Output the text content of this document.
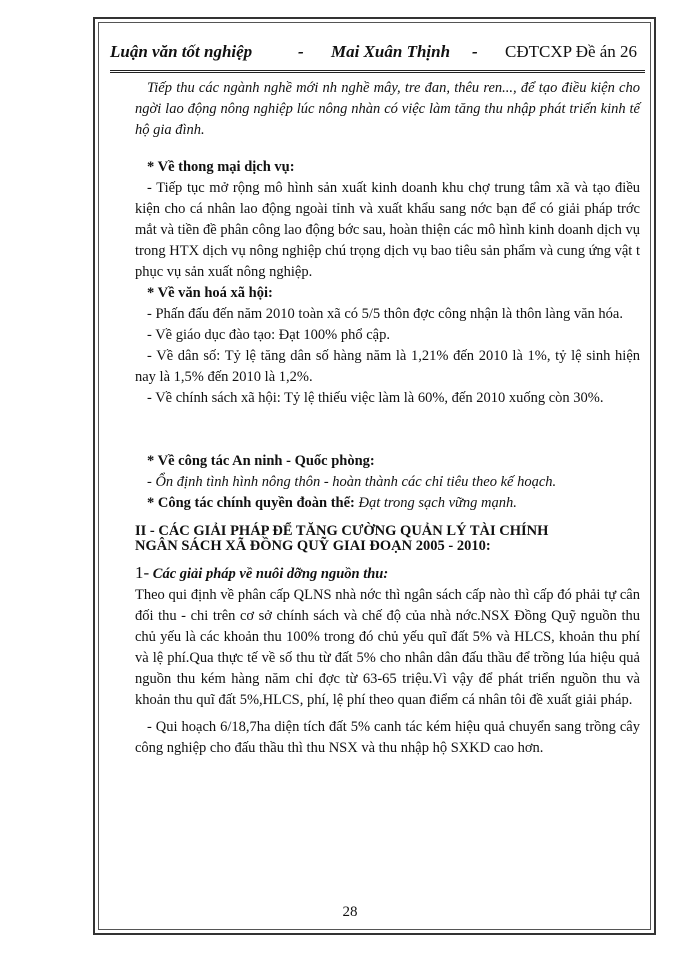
Luận văn tốt nghiệp	- Mai Xuân Thịnh - CĐTCXP Đề án 26

Tiếp thu các ngành nghề mới nh nghề mây, tre đan, thêu ren..., để tạo điều kiện cho ngời lao động nông nghiệp lúc nông nhàn có việc làm tăng thu nhập phát triển kinh tế hộ gia đình.

* Về thong mại dịch vụ:

- Tiếp tục mở rộng mô hình sản xuất kinh doanh khu chợ trung tâm xã và tạo điều kiện cho cá nhân lao động ngoài tỉnh và xuất khẩu sang nớc bạn để có giải pháp trớc mắt và tiền đề phân công lao động bớc sau, hoàn thiện các mô hình kinh doanh dịch vụ trong HTX dịch vụ nông nghiệp chú trọng dịch vụ bao tiêu sản phẩm và cung ứng vật t phục vụ sản xuất nông nghiệp.

* Về văn hoá xã hội:

- Phấn đấu đến năm 2010 toàn xã có 5/5 thôn đợc công nhận là thôn làng văn hóa.

- Về giáo dục đào tạo: Đạt 100% phổ cập.

- Về dân số: Tỷ lệ tăng dân số hàng năm là 1,21% đến 2010 là 1%, tỷ lệ sinh hiện nay là 1,5% đến 2010 là 1,2%.

- Về chính sách xã hội: Tỷ lệ thiếu việc làm là 60%, đến 2010 xuống còn 30%.

* Về công tác An ninh - Quốc phòng:

- Ổn định tình hình nông thôn - hoàn thành các chỉ tiêu theo kế hoạch.

* Công tác chính quyền đoàn thể: Đạt trong sạch vững mạnh.

II - CÁC GIẢI PHÁP ĐỂ TĂNG CƯỜNG QUẢN LÝ TÀI CHÍNH

NGÂN SÁCH XÃ ĐỒNG QUỸ GIAI ĐOẠN 2005 - 2010:

1- Các giải pháp về nuôi dỡng nguồn thu:

Theo qui định về phân cấp QLNS nhà nớc thì ngân sách cấp nào thì cấp đó phải tự cân đối thu - chi trên cơ sở chính sách và chế độ của nhà nớc.NSX Đồng Quỹ nguồn thu chủ yếu là các khoản thu 100% trong đó chủ yếu quĩ đất 5% và HLCS, khoản thu phí và lệ phí.Qua thực tế về số thu từ đất 5% cho nhân dân đấu thầu để trồng lúa hiệu quả nguồn thu kém hàng năm chỉ đợc từ 63-65 triệu.Vì vậy để phát triển nguồn thu và khoản thu quĩ đất 5%,HLCS, phí, lệ phí theo quan điểm cá nhân tôi đề xuất giải pháp.

- Qui hoạch 6/18,7ha diện tích đất 5% canh tác kém hiệu quả chuyển sang trồng cây công nghiệp cho đấu thầu thì thu NSX và thu nhập hộ SXKD cao hơn.

28
